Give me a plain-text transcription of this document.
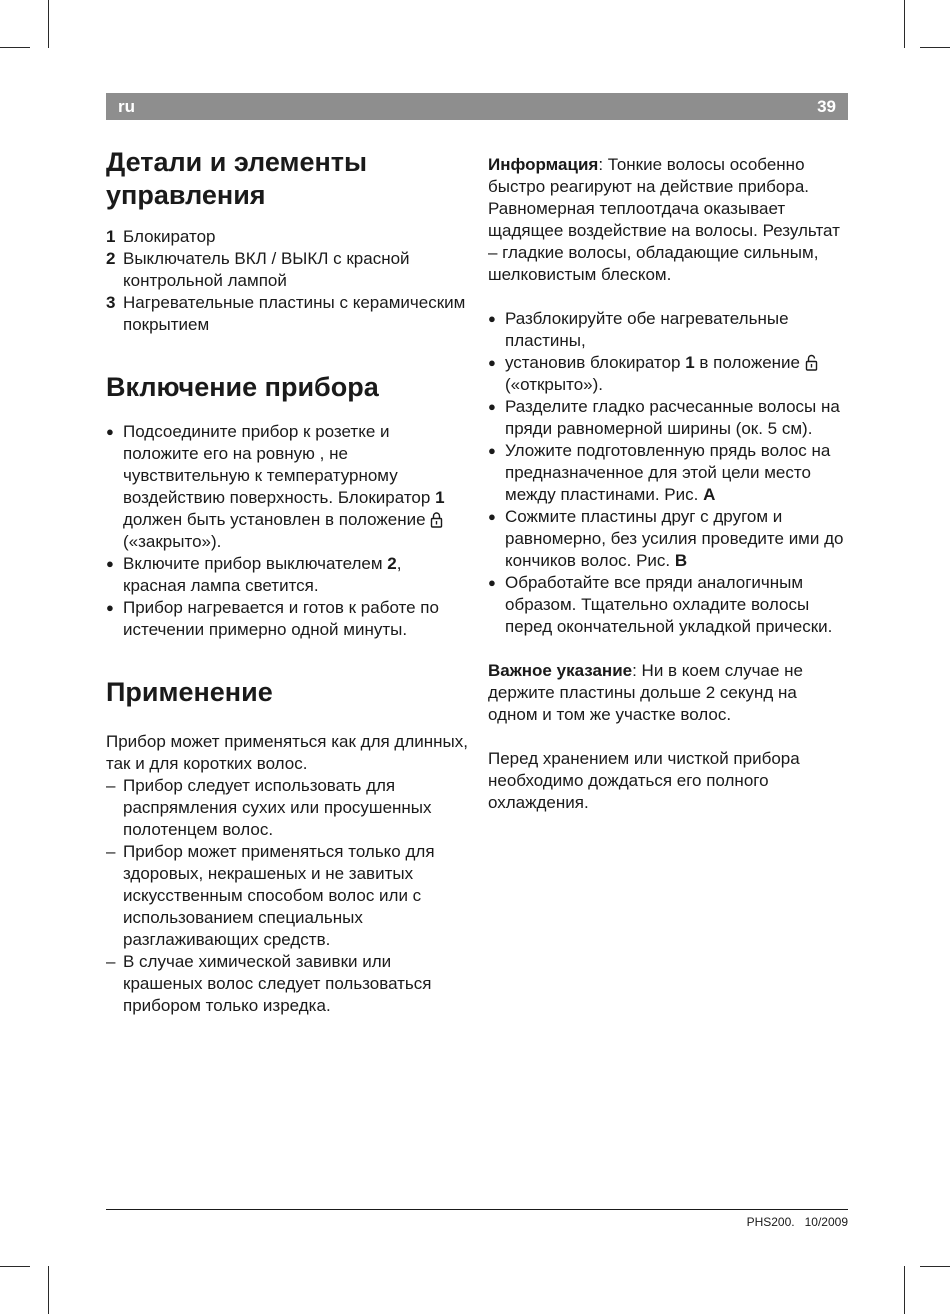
ru	39
Детали и элементы управления
1 Блокиратор
2 Выключатель ВКЛ / ВЫКЛ с красной контрольной лампой
3 Нагревательные пластины с керамическим покрытием
Включение прибора
● Подсоедините прибор к розетке и положите его на ровную , не чувствительную к температурному воздействию поверхность. Блокиратор 1 должен быть установлен в положение  («закрыто»).
● Включите прибор выключателем 2, красная лампа светится.
● Прибор нагревается и готов к работе по истечении примерно одной минуты.
Применение

Прибор может применяться как для длинных, так и для коротких волос.

– Прибор следует использовать для распрямления сухих или просушенных полотенцем волос.
– Прибор может применяться только для здоровых, некрашеных и не завитых искусственным способом волос или с использованием специальных разглаживающих средств.
– В случае химической завивки или крашеных волос следует пользоваться прибором только изредка.

Информация: Тонкие волосы особенно быстро реагируют на действие прибора. Равномерная теплоотдача оказывает щадящее воздействие на волосы. Результат – гладкие волосы, обладающие сильным, шелковистым блеском.

● Разблокируйте обе нагревательные пластины,
● установив блокиратор 1 в положение  («открыто»).
● Разделите гладко расчесанные волосы на пряди равномерной ширины (ок. 5 см).
● Уложите подготовленную прядь волос на предназначенное для этой цели место между пластинами. Рис. A
● Сожмите пластины друг с другом и равномерно, без усилия проведите ими до кончиков волос. Рис. B
● Обработайте все пряди аналогичным образом. Тщательно охладите волосы перед окончательной укладкой прически.

Важное указание: Ни в коем случае не держите пластины дольше 2 секунд на одном и том же участке волос.

Перед хранением или чисткой прибора необходимо дождаться его полного охлаждения.

PHS200.   10/2009
